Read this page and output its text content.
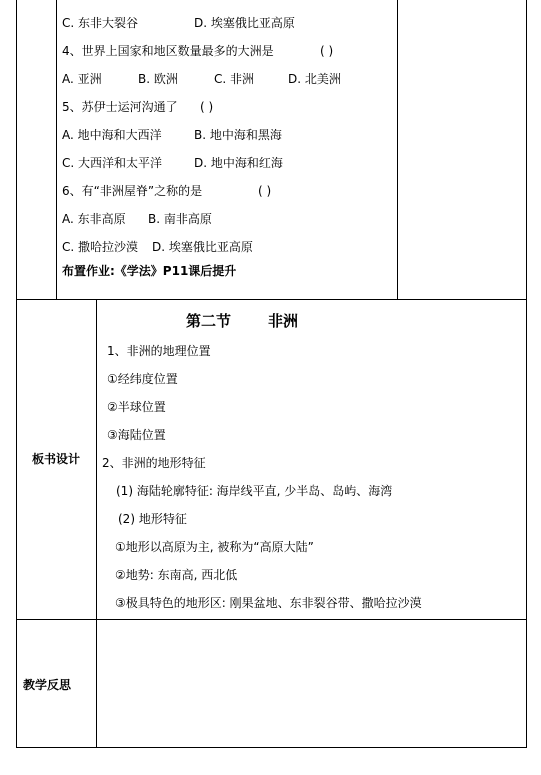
C. 东非大裂谷	D. 埃塞俄比亚高原
4、世界上国家和地区数量最多的大洲是	( )
A. 亚洲	B. 欧洲	C. 非洲	D. 北美洲
5、苏伊士运河沟通了 ( )
A. 地中海和大西洋	B. 地中海和黑海
C. 大西洋和太平洋	D. 地中海和红海
6、有“非洲屋脊”之称的是	( )
A. 东非高原 B. 南非高原
C. 撒哈拉沙漠 D. 埃塞俄比亚高原
布置作业:《学法》P11课后提升
板书设计
第二节 非洲
1、非洲的地理位置
①经纬度位置
②半球位置
③海陆位置
2、非洲的地形特征
(1) 海陆轮廓特征: 海岸线平直, 少半岛、岛屿、海湾
(2) 地形特征
①地形以高原为主, 被称为“高原大陆”
②地势: 东南高, 西北低
③极具特色的地形区: 刚果盆地、东非裂谷带、撒哈拉沙漠
教学反思
